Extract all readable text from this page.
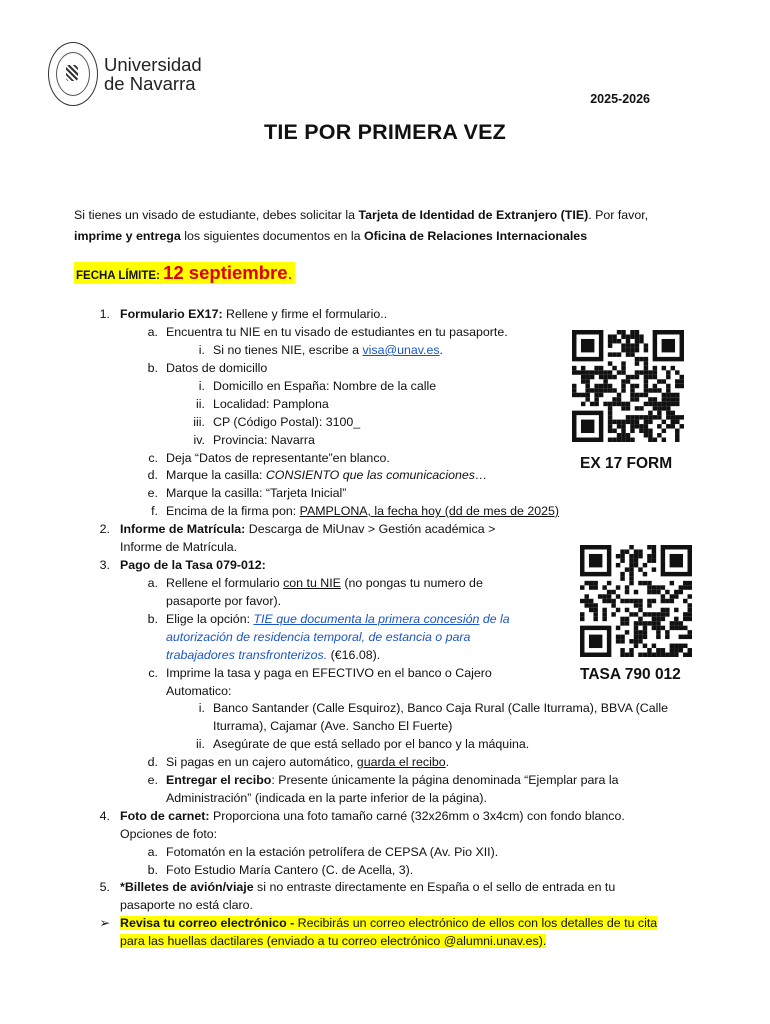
Universidad
de Navarra
2025-2026
TIE POR PRIMERA VEZ
Si tienes un visado de estudiante, debes solicitar la Tarjeta de Identidad de Extranjero (TIE). Por favor,
imprime y entrega los siguientes documentos en la Oficina de Relaciones Internacionales
FECHA LÍMITE: 12 septiembre.
1. Formulario EX17: Rellene y firme el formulario..
a. Encuentra tu NIE en tu visado de estudiantes en tu pasaporte.
i. Si no tienes NIE, escribe a visa@unav.es.
b. Datos de domicillo
i. Domicillo en España: Nombre de la calle
ii. Localidad: Pamplona
iii. CP (Código Postal): 3100_
iv. Provincia: Navarra
c. Deja “Datos de representante”en blanco.
d. Marque la casilla: CONSIENTO que las comunicaciones…
e. Marque la casilla: “Tarjeta Inicial”
f. Encima de la firma pon: PAMPLONA, la fecha hoy (dd de mes de 2025)
2. Informe de Matrícula: Descarga de MiUnav > Gestión académica >
Informe de Matrícula.
3. Pago de la Tasa 079-012:
a. Rellene el formulario con tu NIE (no pongas tu numero de
pasaporte por favor).
b. Elige la opción: TIE que documenta la primera concesión de la
autorización de residencia temporal, de estancia o para
trabajadores transfronterizos. (€16.08).
c. Imprime la tasa y paga en EFECTIVO en el banco o Cajero
Automatico:
i. Banco Santander (Calle Esquiroz), Banco Caja Rural (Calle Iturrama), BBVA (Calle
Iturrama), Cajamar (Ave. Sancho El Fuerte)
ii. Asegúrate de que está sellado por el banco y la máquina.
d. Si pagas en un cajero automático, guarda el recibo.
e. Entregar el recibo: Presente únicamente la página denominada “Ejemplar para la
Administración” (indicada en la parte inferior de la página).
4. Foto de carnet: Proporciona una foto tamaño carné (32x26mm o 3x4cm) con fondo blanco.
Opciones de foto:
a. Fotomatón en la estación petrolífera de CEPSA (Av. Pio XII).
b. Foto Estudio María Cantero (C. de Acella, 3).
5. *Billetes de avión/viaje si no entraste directamente en España o el sello de entrada en tu
pasaporte no está claro.
➢ Revisa tu correo electrónico - Recibirás un correo electrónico de ellos con los detalles de tu cita
para las huellas dactilares (enviado a tu correo electrónico @alumni.unav.es).
EX 17 FORM
TASA 790 012
